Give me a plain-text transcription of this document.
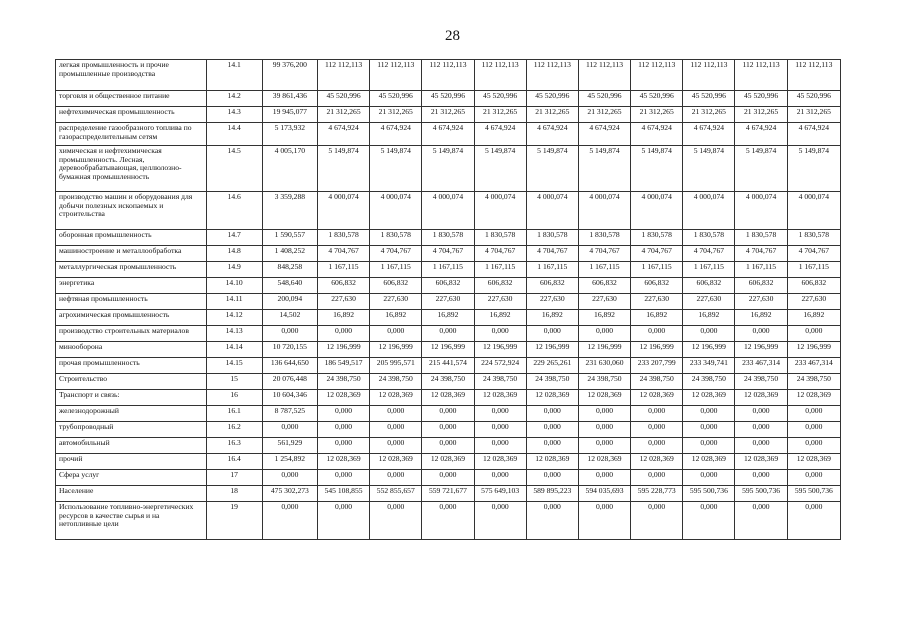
28
легкая промышленность и прочие промышленные производства	14.1	99 376,200	112 112,113	112 112,113	112 112,113	112 112,113	112 112,113	112 112,113	112 112,113	112 112,113	112 112,113	112 112,113
торговля и общественное питание	14.2	39 861,436	45 520,996	45 520,996	45 520,996	45 520,996	45 520,996	45 520,996	45 520,996	45 520,996	45 520,996	45 520,996
нефтехимическая промышленность	14.3	19 945,077	21 312,265	21 312,265	21 312,265	21 312,265	21 312,265	21 312,265	21 312,265	21 312,265	21 312,265	21 312,265
распределение газообразного топлива по газораспределительным сетям	14.4	5 173,932	4 674,924	4 674,924	4 674,924	4 674,924	4 674,924	4 674,924	4 674,924	4 674,924	4 674,924	4 674,924
химическая и нефтехимическая промышленность. Лесная, деревообрабатывающая, целлюлозно-бумажная промышленность	14.5	4 005,170	5 149,874	5 149,874	5 149,874	5 149,874	5 149,874	5 149,874	5 149,874	5 149,874	5 149,874	5 149,874
производство машин и оборудования для добычи полезных ископаемых и строительства	14.6	3 359,288	4 000,074	4 000,074	4 000,074	4 000,074	4 000,074	4 000,074	4 000,074	4 000,074	4 000,074	4 000,074
оборонная промышленность	14.7	1 590,557	1 830,578	1 830,578	1 830,578	1 830,578	1 830,578	1 830,578	1 830,578	1 830,578	1 830,578	1 830,578
машиностроение и металлообработка	14.8	1 408,252	4 704,767	4 704,767	4 704,767	4 704,767	4 704,767	4 704,767	4 704,767	4 704,767	4 704,767	4 704,767
металлургическая промышленность	14.9	848,258	1 167,115	1 167,115	1 167,115	1 167,115	1 167,115	1 167,115	1 167,115	1 167,115	1 167,115	1 167,115
энергетика	14.10	548,640	606,832	606,832	606,832	606,832	606,832	606,832	606,832	606,832	606,832	606,832
нефтяная промышленность	14.11	200,094	227,630	227,630	227,630	227,630	227,630	227,630	227,630	227,630	227,630	227,630
агрохимическая промышленность	14.12	14,502	16,892	16,892	16,892	16,892	16,892	16,892	16,892	16,892	16,892	16,892
производство строительных материалов	14.13	0,000	0,000	0,000	0,000	0,000	0,000	0,000	0,000	0,000	0,000	0,000
минооборона	14.14	10 720,155	12 196,999	12 196,999	12 196,999	12 196,999	12 196,999	12 196,999	12 196,999	12 196,999	12 196,999	12 196,999
прочая промышленность	14.15	136 644,650	186 549,517	205 995,571	215 441,574	224 572,924	229 265,261	231 630,060	233 207,799	233 349,741	233 467,314	233 467,314
Строительство	15	20 076,448	24 398,750	24 398,750	24 398,750	24 398,750	24 398,750	24 398,750	24 398,750	24 398,750	24 398,750	24 398,750
Транспорт и связь:	16	10 604,346	12 028,369	12 028,369	12 028,369	12 028,369	12 028,369	12 028,369	12 028,369	12 028,369	12 028,369	12 028,369
железнодорожный	16.1	8 787,525	0,000	0,000	0,000	0,000	0,000	0,000	0,000	0,000	0,000	0,000
трубопроводный	16.2	0,000	0,000	0,000	0,000	0,000	0,000	0,000	0,000	0,000	0,000	0,000
автомобильный	16.3	561,929	0,000	0,000	0,000	0,000	0,000	0,000	0,000	0,000	0,000	0,000
прочий	16.4	1 254,892	12 028,369	12 028,369	12 028,369	12 028,369	12 028,369	12 028,369	12 028,369	12 028,369	12 028,369	12 028,369
Сфера услуг	17	0,000	0,000	0,000	0,000	0,000	0,000	0,000	0,000	0,000	0,000	0,000
Население	18	475 302,273	545 108,855	552 855,657	559 721,677	575 649,103	589 895,223	594 035,693	595 228,773	595 500,736	595 500,736	595 500,736
Использование топливно-энергетических ресурсов в качестве сырья и на нетопливные цели	19	0,000	0,000	0,000	0,000	0,000	0,000	0,000	0,000	0,000	0,000	0,000
